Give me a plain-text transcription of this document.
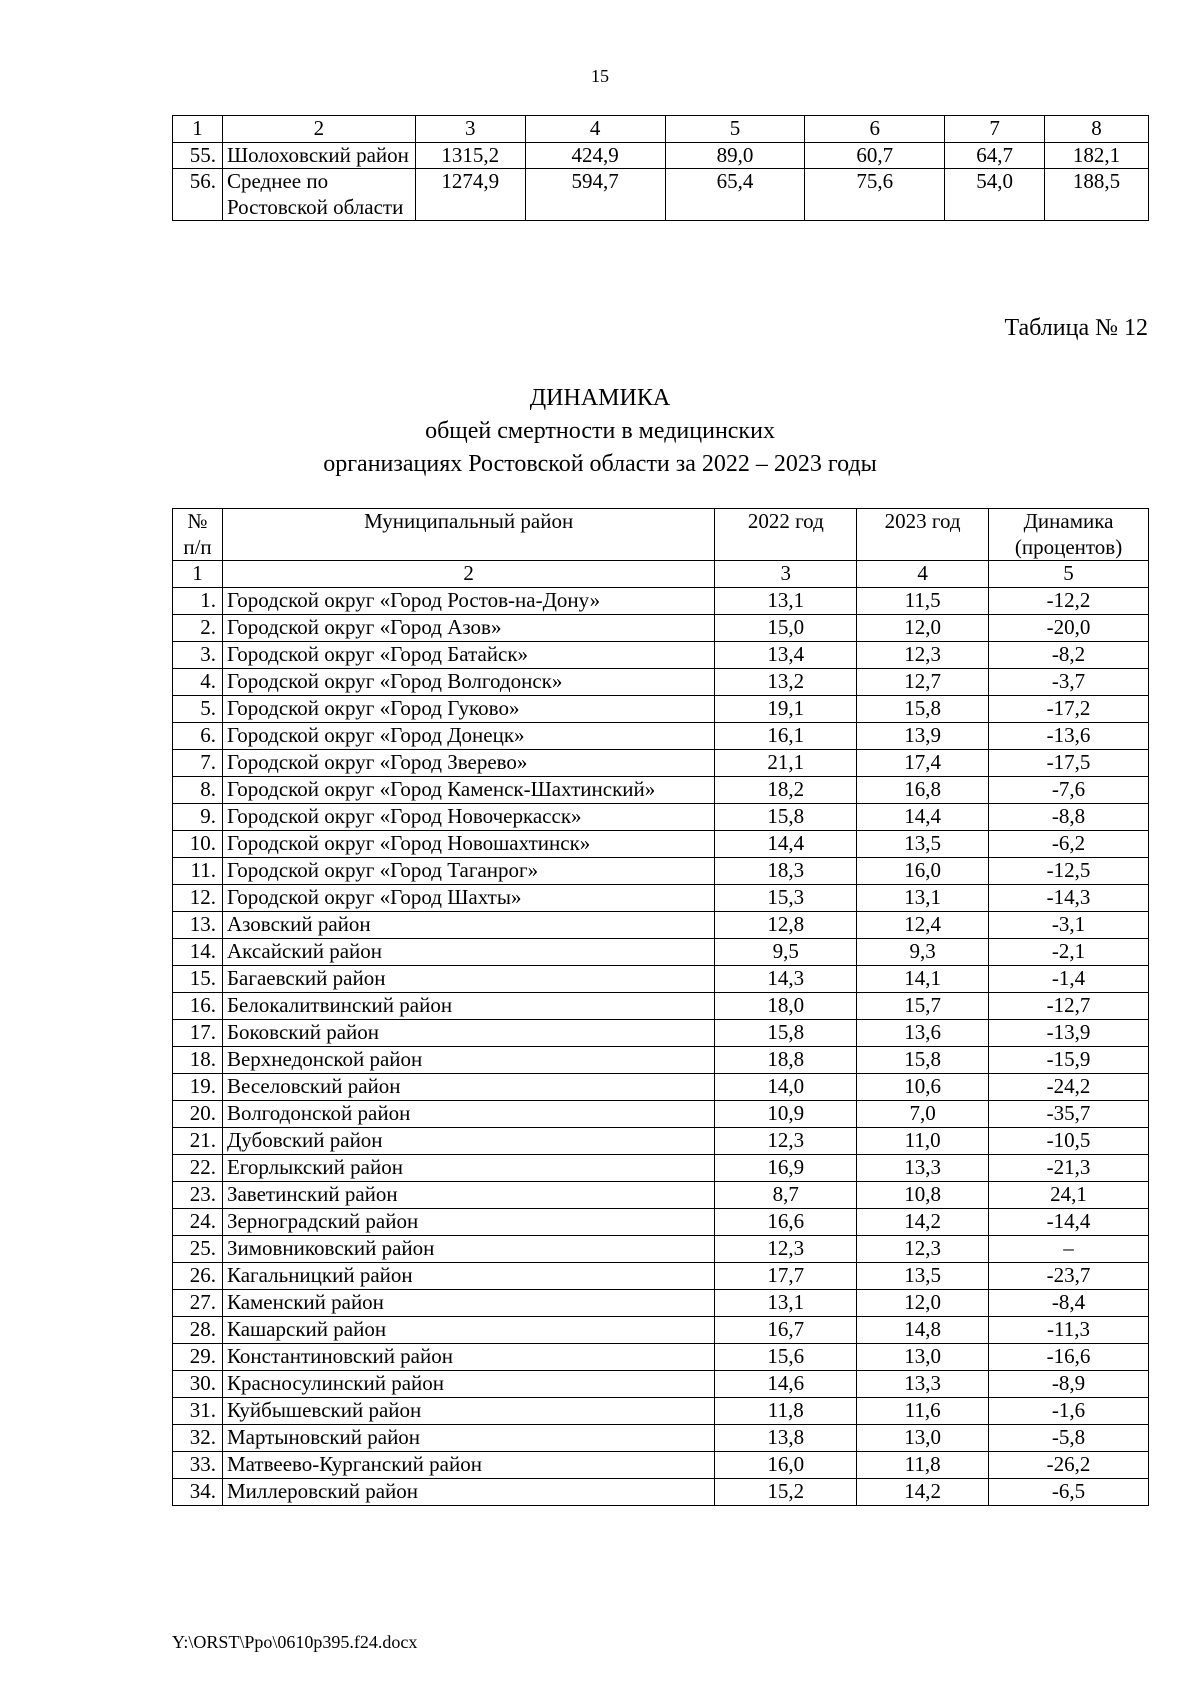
15
1	2	3	4	5	6	7	8
55.	Шолоховский район	1315,2	424,9	89,0	60,7	64,7	182,1
56.	Среднее по Ростовской области	1274,9	594,7	65,4	75,6	54,0	188,5
Таблица № 12
ДИНАМИКА
общей смертности в медицинских
организациях Ростовской области за 2022 – 2023 годы
№ п/п	Муниципальный район	2022 год	2023 год	Динамика (процентов)
1	2	3	4	5
1.	Городской округ «Город Ростов-на-Дону»	13,1	11,5	-12,2
2.	Городской округ «Город Азов»	15,0	12,0	-20,0
3.	Городской округ «Город Батайск»	13,4	12,3	-8,2
4.	Городской округ «Город Волгодонск»	13,2	12,7	-3,7
5.	Городской округ «Город Гуково»	19,1	15,8	-17,2
6.	Городской округ «Город Донецк»	16,1	13,9	-13,6
7.	Городской округ «Город Зверево»	21,1	17,4	-17,5
8.	Городской округ «Город Каменск-Шахтинский»	18,2	16,8	-7,6
9.	Городской округ «Город Новочеркасск»	15,8	14,4	-8,8
10.	Городской округ «Город Новошахтинск»	14,4	13,5	-6,2
11.	Городской округ «Город Таганрог»	18,3	16,0	-12,5
12.	Городской округ «Город Шахты»	15,3	13,1	-14,3
13.	Азовский район	12,8	12,4	-3,1
14.	Аксайский район	9,5	9,3	-2,1
15.	Багаевский район	14,3	14,1	-1,4
16.	Белокалитвинский район	18,0	15,7	-12,7
17.	Боковский район	15,8	13,6	-13,9
18.	Верхнедонской район	18,8	15,8	-15,9
19.	Веселовский район	14,0	10,6	-24,2
20.	Волгодонской район	10,9	7,0	-35,7
21.	Дубовский район	12,3	11,0	-10,5
22.	Егорлыкский район	16,9	13,3	-21,3
23.	Заветинский район	8,7	10,8	24,1
24.	Зерноградский район	16,6	14,2	-14,4
25.	Зимовниковский район	12,3	12,3	–
26.	Кагальницкий район	17,7	13,5	-23,7
27.	Каменский район	13,1	12,0	-8,4
28.	Кашарский район	16,7	14,8	-11,3
29.	Константиновский район	15,6	13,0	-16,6
30.	Красносулинский район	14,6	13,3	-8,9
31.	Куйбышевский район	11,8	11,6	-1,6
32.	Мартыновский район	13,8	13,0	-5,8
33.	Матвеево-Курганский район	16,0	11,8	-26,2
34.	Миллеровский район	15,2	14,2	-6,5
Y:\ORST\Ppo\0610p395.f24.docx
